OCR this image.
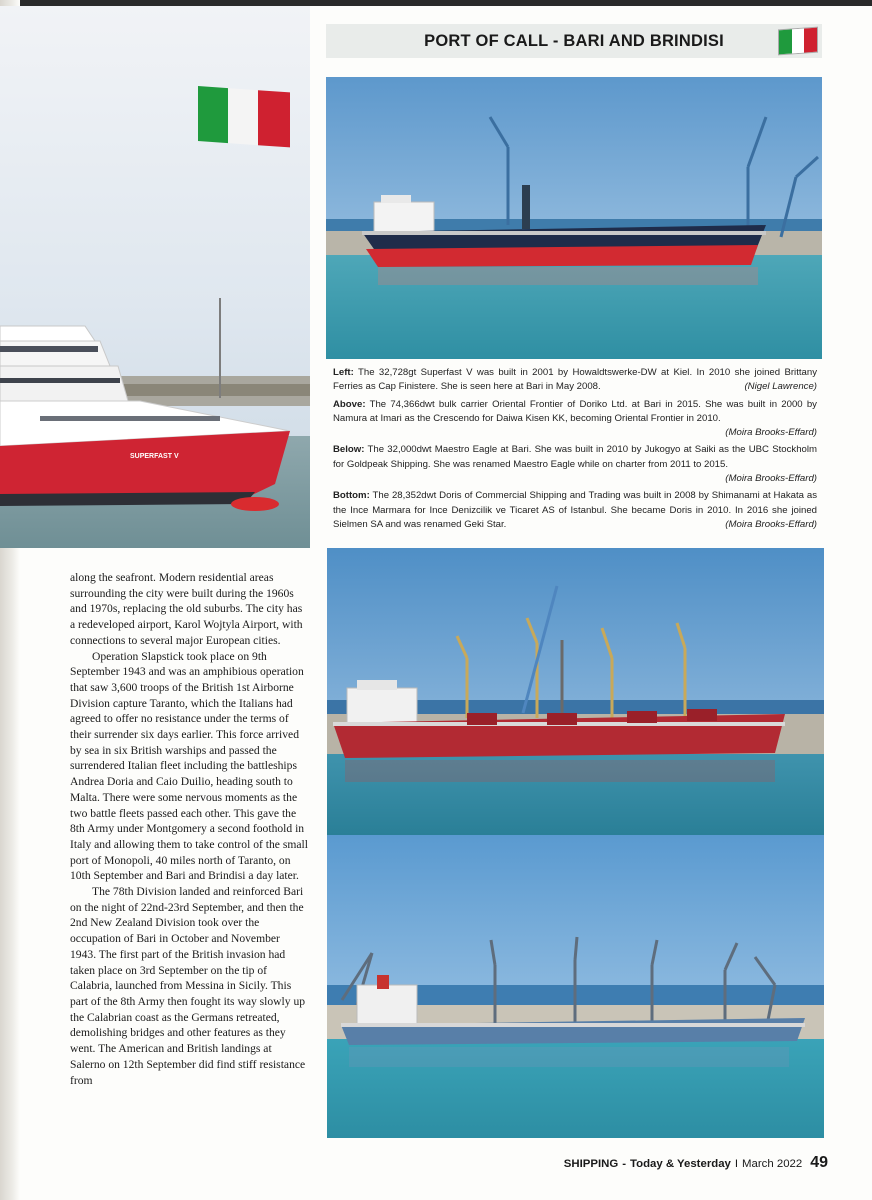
PORT OF CALL - BARI AND BRINDISI
SUPERFAST V
Left: The 32,728gt Superfast V was built in 2001 by Howaldtswerke-DW at Kiel. In 2010 she joined Brittany Ferries as Cap Finistere. She is seen here at Bari in May 2008.	(Nigel Lawrence)
Above: The 74,366dwt bulk carrier Oriental Frontier of Doriko Ltd. at Bari in 2015. She was built in 2000 by Namura at Imari as the Crescendo for Daiwa Kisen KK, becoming Oriental Frontier in 2010.
(Moira Brooks-Effard)
Below: The 32,000dwt Maestro Eagle at Bari. She was built in 2010 by Jukogyo at Saiki as the UBC Stockholm for Goldpeak Shipping. She was renamed Maestro Eagle while on charter from 2011 to 2015.
(Moira Brooks-Effard)
Bottom: The 28,352dwt Doris of Commercial Shipping and Trading was built in 2008 by Shimanami at Hakata as the Ince Marmara for Ince Denizcilik ve Ticaret AS of Istanbul. She became Doris in 2010. In 2016 she joined Sielmen SA and was renamed Geki Star.	(Moira Brooks-Effard)

along the seafront. Modern residential areas surrounding the city were built during the 1960s and 1970s, replacing the old suburbs. The city has a redeveloped airport, Karol Wojtyla Airport, with connections to several major European cities.

Operation Slapstick took place on 9th September 1943 and was an amphibious operation that saw 3,600 troops of the British 1st Airborne Division capture Taranto, which the Italians had agreed to offer no resistance under the terms of their surrender six days earlier. This force arrived by sea in six British warships and passed the surrendered Italian fleet including the battleships Andrea Doria and Caio Duilio, heading south to Malta. There were some nervous moments as the two battle fleets passed each other. This gave the 8th Army under Montgomery a second foothold in Italy and allowing them to take control of the small port of Monopoli, 40 miles north of Taranto, on 10th September and Bari and Brindisi a day later.

The 78th Division landed and reinforced Bari on the night of 22nd-23rd September, and then the 2nd New Zealand Division took over the occupation of Bari in October and November 1943. The first part of the British invasion had taken place on 3rd September on the tip of Calabria, launched from Messina in Sicily. This part of the 8th Army then fought its way slowly up the Calabrian coast as the Germans retreated, demolishing bridges and other features as they went. The American and British landings at Salerno on 12th September did find stiff resistance from

SHIPPING - Today & Yesterday I March 2022 49
